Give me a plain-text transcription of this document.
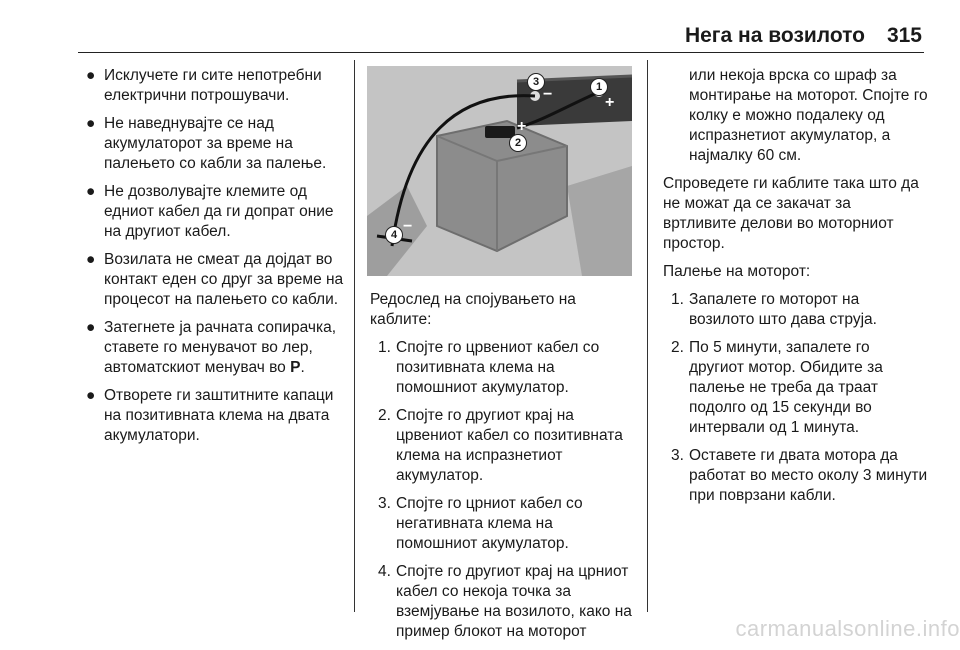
Нега на возилото 315
● Исклучете ги сите непотребни електрични потрошувачи.
● Не наведнувајте се над акумулаторот за време на палењето со кабли за палење.
● Не дозволувајте клемите од едниот кабел да ги допрат оние на другиот кабел.
● Возилата не смеат да дојдат во контакт еден со друг за време на процесот на палењето со кабли.
● Затегнете ја рачната сопирачка, ставете го менувачот во лер, автоматскиот менувач во P.
● Отворете ги заштитните капаци на позитивната клема на двата акумулатори.
3	1
2
4
+
+
−
−

Редослед на спојувањето на каблите:

1. Спојте го црвениот кабел со позитивната клема на помошниот акумулатор.
2. Спојте го другиот крај на црвениот кабел со позитивната клема на испразнетиот акумулатор.
3. Спојте го црниот кабел со негативната клема на помошниот акумулатор.
4. Спојте го другиот крај на црниот кабел со некоја точка за вземјување на возилото, како на пример блокот на моторот

или некоја врска со шраф за монтирање на моторот. Спојте го колку е можно подалеку од испразнетиот акумулатор, а најмалку 60 см.

Спроведете ги каблите така што да не можат да се закачат за вртливите делови во моторниот простор.

Палење на моторот:

1. Запалете го моторот на возилото што дава струја.
2. По 5 минути, запалете го другиот мотор. Обидите за палење не треба да траат подолго од 15 секунди во интервали од 1 минута.
3. Оставете ги двата мотора да работат во место околу 3 минути при поврзани кабли.
carmanualsonline.info
